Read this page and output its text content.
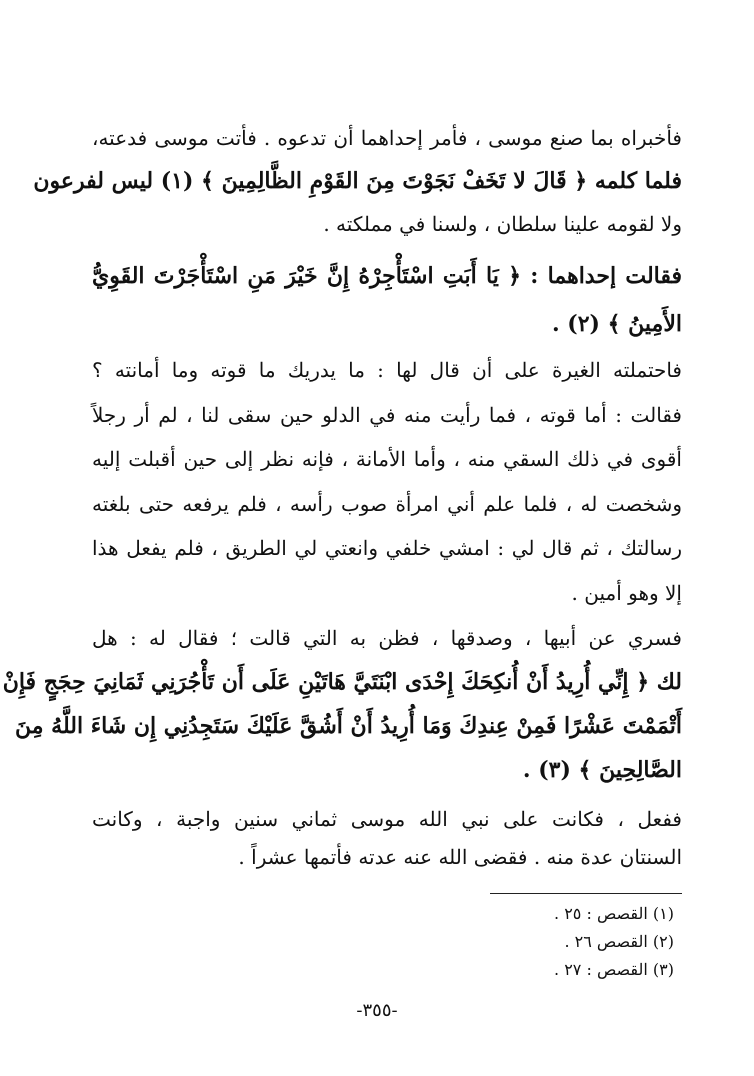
فأخبراه بما صنع موسى ، فأمر إحداهما أن تدعوه . فأتت موسى فدعته،
فلما كلمه ﴿ قَالَ لا تَخَفْ نَجَوْتَ مِنَ القَوْمِ الظَّالِمِينَ ﴾ (١) ليس لفرعون
ولا لقومه علينا سلطان ، ولسنا في مملكته .
فقالت إحداهما : ﴿ يَا أَبَتِ اسْتَأْجِرْهُ إِنَّ خَيْرَ مَنِ اسْتَأْجَرْتَ القَوِيُّ
الأَمِينُ ﴾ (٢) .
فاحتملته الغيرة على أن قال لها : ما يدريك ما قوته وما أمانته ؟
فقالت : أما قوته ، فما رأيت منه في الدلو حين سقى لنا ، لم أر رجلاً
أقوى في ذلك السقي منه ، وأما الأمانة ، فإنه نظر إلى حين أقبلت إليه
وشخصت له ، فلما علم أني امرأة صوب رأسه ، فلم يرفعه حتى بلغته
رسالتك ، ثم قال لي : امشي خلفي وانعتي لي الطريق ، فلم يفعل هذا
إلا وهو أمين .
فسري عن أبيها ، وصدقها ، فظن به التي قالت ؛ فقال له : هل
لك ﴿ إِنِّي أُرِيدُ أَنْ أُنكِحَكَ إِحْدَى ابْنَتَيَّ هَاتَيْنِ عَلَى أَن تَأْجُرَنِي ثَمَانِيَ حِجَجٍ فَإِنْ
أَتْمَمْتَ عَشْرًا فَمِنْ عِندِكَ وَمَا أُرِيدُ أَنْ أَشُقَّ عَلَيْكَ سَتَجِدُنِي إِن شَاءَ اللَّهُ مِنَ
الصَّالِحِينَ ﴾ (٣) .
ففعل ، فكانت على نبي الله موسى ثماني سنين واجبة ، وكانت
السنتان عدة منه . فقضى الله عنه عدته فأتمها عشراً .
(١) القصص : ٢٥ .
(٢) القصص ٢٦ .
(٣) القصص : ٢٧ .
-٣٥٥-
